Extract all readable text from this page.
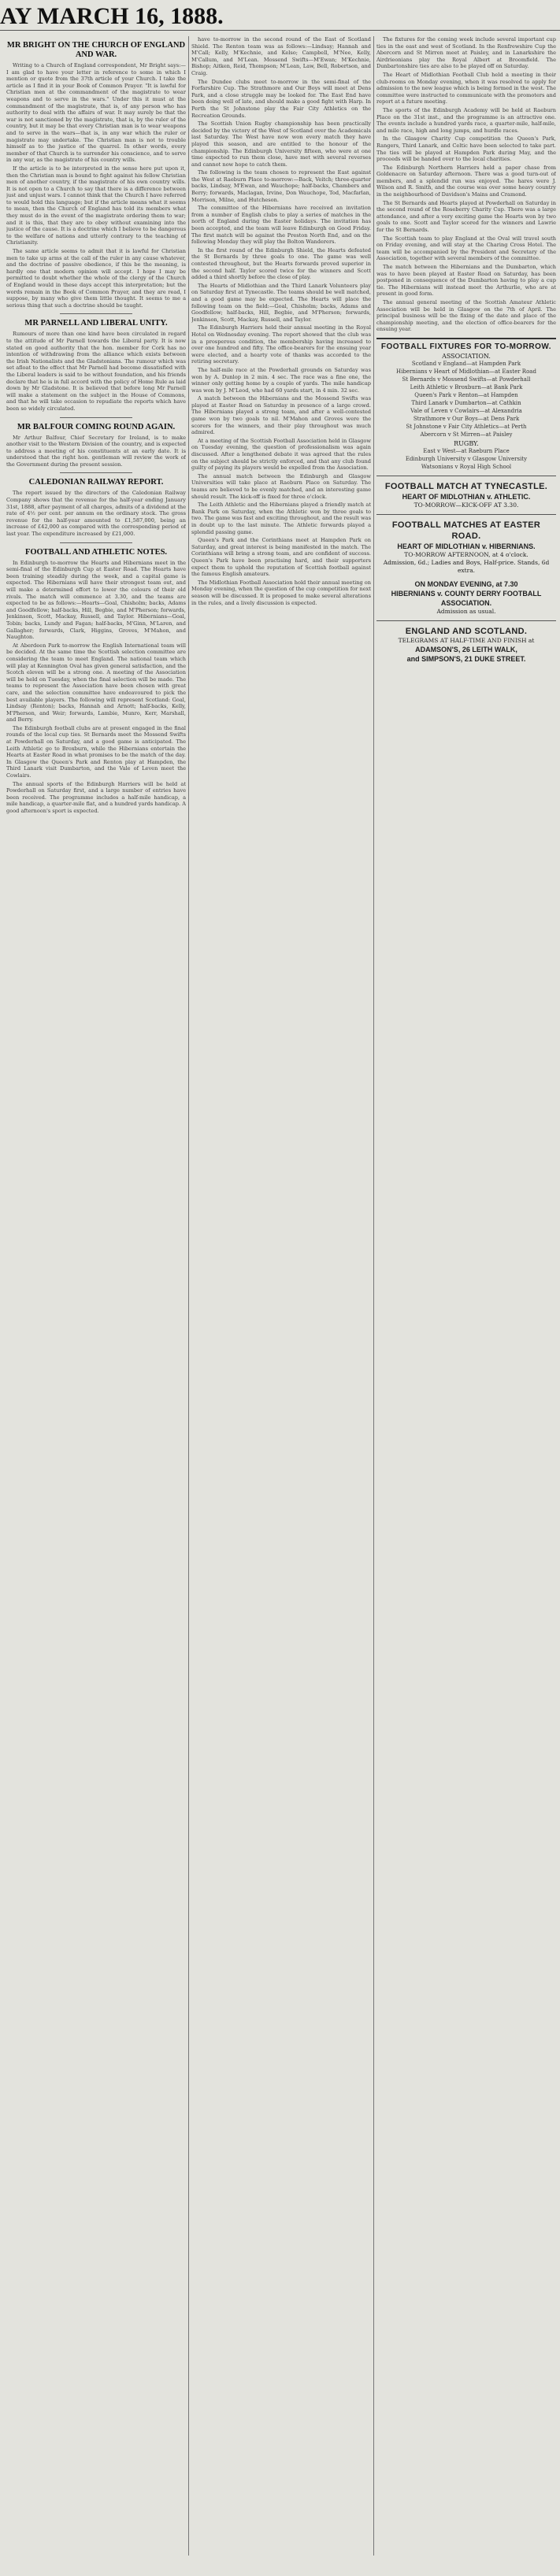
AY MARCH 16, 1888.
MR BRIGHT ON THE CHURCH OF ENGLAND AND WAR.

Writing to a Church of England correspondent, Mr Bright says:—I am glad to have your letter in reference to some in which I mention or quote from the 37th article of your Church. I take the article as I find it in your Book of Common Prayer. "It is lawful for Christian men at the commandment of the magistrate to wear weapons and to serve in the wars." Under this it must at the commandment of the magistrate, that is, of any person who has authority to deal with the affairs of war. It may surely be that the war is not sanctioned by the magistrate, that is, by the ruler of the country, but it may be that every Christian man is to wear weapons and to serve in the wars—that is, in any war which the ruler or magistrate may undertake. The Christian man is not to trouble himself as to the justice of the quarrel. In other words, every member of that Church is to surrender his conscience, and to serve in any war, as the magistrate of his country wills.

If the article is to be interpreted in the sense here put upon it, then the Christian man is bound to fight against his fellow Christian men of another country, if the magistrate of his own country wills. It is not open to a Church to say that there is a difference between just and unjust wars. I cannot think that the Church I have referred to would hold this language; but if the article means what it seems to mean, then the Church of England has told its members what they must do in the event of the magistrate ordering them to war; and it is this, that they are to obey without examining into the justice of the cause. It is a doctrine which I believe to be dangerous to the welfare of nations and utterly contrary to the teaching of Christianity.

The same article seems to admit that it is lawful for Christian men to take up arms at the call of the ruler in any cause whatever, and the doctrine of passive obedience, if this be the meaning, is hardly one that modern opinion will accept. I hope I may be permitted to doubt whether the whole of the clergy of the Church of England would in these days accept this interpretation; but the words remain in the Book of Common Prayer, and they are read, I suppose, by many who give them little thought. It seems to me a serious thing that such a doctrine should be taught.

MR PARNELL AND LIBERAL UNITY.

Rumours of more than one kind have been circulated in regard to the attitude of Mr Parnell towards the Liberal party. It is now stated on good authority that the hon. member for Cork has no intention of withdrawing from the alliance which exists between the Irish Nationalists and the Gladstonians. The rumour which was set afloat to the effect that Mr Parnell had become dissatisfied with the Liberal leaders is said to be without foundation, and his friends declare that he is in full accord with the policy of Home Rule as laid down by Mr Gladstone. It is believed that before long Mr Parnell will make a statement on the subject in the House of Commons, and that he will take occasion to repudiate the reports which have been so widely circulated.

MR BALFOUR COMING ROUND AGAIN.

Mr Arthur Balfour, Chief Secretary for Ireland, is to make another visit to the Western Division of the country, and is expected to address a meeting of his constituents at an early date. It is understood that the right hon. gentleman will review the work of the Government during the present session.

CALEDONIAN RAILWAY REPORT.

The report issued by the directors of the Caledonian Railway Company shows that the revenue for the half-year ending January 31st, 1888, after payment of all charges, admits of a dividend at the rate of 4½ per cent. per annum on the ordinary stock. The gross revenue for the half-year amounted to £1,587,000, being an increase of £42,000 as compared with the corresponding period of last year. The expenditure increased by £21,000.

FOOTBALL AND ATHLETIC NOTES.

In Edinburgh to-morrow the Hearts and Hibernians meet in the semi-final of the Edinburgh Cup at Easter Road. The Hearts have been training steadily during the week, and a capital game is expected. The Hibernians will have their strongest team out, and will make a determined effort to lower the colours of their old rivals. The match will commence at 3.30, and the teams are expected to be as follows:—Hearts—Goal, Chisholm; backs, Adams and Goodfellow; half-backs, Hill, Begbie, and M'Pherson; forwards, Jenkinson, Scott, Mackay, Russell, and Taylor. Hibernians—Goal, Tobin; backs, Lundy and Fagan; half-backs, M'Ginn, M'Laren, and Gallagher; forwards, Clark, Higgins, Groves, M'Mahon, and Naughton.

At Aberdeen Park to-morrow the English International team will be decided. At the same time the Scottish selection committee are considering the team to meet England. The national team which will play at Kennington Oval has given general satisfaction, and the Scotch eleven will be a strong one. A meeting of the Association will be held on Tuesday, when the final selection will be made. The teams to represent the Association have been chosen with great care, and the selection committee have endeavoured to pick the best available players. The following will represent Scotland: Goal, Lindsay (Renton); backs, Hannah and Arnott; half-backs, Kelly, M'Pherson, and Weir; forwards, Lambie, Munro, Kerr, Marshall, and Berry.

The Edinburgh football clubs are at present engaged in the final rounds of the local cup ties. St Bernards meet the Mossend Swifts at Powderhall on Saturday, and a good game is anticipated. The Leith Athletic go to Broxburn, while the Hibernians entertain the Hearts at Easter Road in what promises to be the match of the day. In Glasgow the Queen's Park and Renton play at Hampden, the Third Lanark visit Dumbarton, and the Vale of Leven meet the Cowlairs.

The annual sports of the Edinburgh Harriers will be held at Powderhall on Saturday first, and a large number of entries have been received. The programme includes a half-mile handicap, a mile handicap, a quarter-mile flat, and a hundred yards handicap. A good afternoon's sport is expected.

have to-morrow in the second round of the East of Scotland Shield. The Renton team was as follows:—Lindsay; Hannah and M'Call; Kelly, M'Kechnie, and Kelso; Campbell, M'Nee, Kelly, M'Callum, and M'Lean. Mossend Swifts—M'Ewan; M'Kechnie, Bishop; Aitken, Reid, Thompson; M'Lean, Law, Bell, Robertson, and Craig.

The Dundee clubs meet to-morrow in the semi-final of the Forfarshire Cup. The Strathmore and Our Boys will meet at Dens Park, and a close struggle may be looked for. The East End have been doing well of late, and should make a good fight with Harp. In Perth the St Johnstone play the Fair City Athletics on the Recreation Grounds.

The Scottish Union Rugby championship has been practically decided by the victory of the West of Scotland over the Academicals last Saturday. The West have now won every match they have played this season, and are entitled to the honour of the championship. The Edinburgh University fifteen, who were at one time expected to run them close, have met with several reverses and cannot now hope to catch them.

The following is the team chosen to represent the East against the West at Raeburn Place to-morrow:—Back, Veitch; three-quarter backs, Lindsay, M'Ewan, and Wauchope; half-backs, Chambers and Berry; forwards, Maclagan, Irvine, Don Wauchope, Tod, Macfarlan, Morrison, Milne, and Hutcheson.

The committee of the Hibernians have received an invitation from a number of English clubs to play a series of matches in the north of England during the Easter holidays. The invitation has been accepted, and the team will leave Edinburgh on Good Friday. The first match will be against the Preston North End, and on the following Monday they will play the Bolton Wanderers.

In the first round of the Edinburgh Shield, the Hearts defeated the St Bernards by three goals to one. The game was well contested throughout, but the Hearts forwards proved superior in the second half. Taylor scored twice for the winners and Scott added a third shortly before the close of play.

The Hearts of Midlothian and the Third Lanark Volunteers play on Saturday first at Tynecastle. The teams should be well matched, and a good game may be expected. The Hearts will place the following team on the field:—Goal, Chisholm; backs, Adams and Goodfellow; half-backs, Hill, Begbie, and M'Pherson; forwards, Jenkinson, Scott, Mackay, Russell, and Taylor.

The Edinburgh Harriers held their annual meeting in the Royal Hotel on Wednesday evening. The report showed that the club was in a prosperous condition, the membership having increased to over one hundred and fifty. The office-bearers for the ensuing year were elected, and a hearty vote of thanks was accorded to the retiring secretary.

The half-mile race at the Powderhall grounds on Saturday was won by A. Dunlop in 2 min. 4 sec. The race was a fine one, the winner only getting home by a couple of yards. The mile handicap was won by J. M'Leod, who had 60 yards start, in 4 min. 32 sec.

A match between the Hibernians and the Mossend Swifts was played at Easter Road on Saturday in presence of a large crowd. The Hibernians played a strong team, and after a well-contested game won by two goals to nil. M'Mahon and Groves were the scorers for the winners, and their play throughout was much admired.

At a meeting of the Scottish Football Association held in Glasgow on Tuesday evening, the question of professionalism was again discussed. After a lengthened debate it was agreed that the rules on the subject should be strictly enforced, and that any club found guilty of paying its players would be expelled from the Association.

The annual match between the Edinburgh and Glasgow Universities will take place at Raeburn Place on Saturday. The teams are believed to be evenly matched, and an interesting game should result. The kick-off is fixed for three o'clock.

The Leith Athletic and the Hibernians played a friendly match at Bank Park on Saturday, when the Athletic won by three goals to two. The game was fast and exciting throughout, and the result was in doubt up to the last minute. The Athletic forwards played a splendid passing game.

Queen's Park and the Corinthians meet at Hampden Park on Saturday, and great interest is being manifested in the match. The Corinthians will bring a strong team, and are confident of success. Queen's Park have been practising hard, and their supporters expect them to uphold the reputation of Scottish football against the famous English amateurs.

The Midlothian Football Association hold their annual meeting on Monday evening, when the question of the cup competition for next season will be discussed. It is proposed to make several alterations in the rules, and a lively discussion is expected.

The fixtures for the coming week include several important cup ties in the east and west of Scotland. In the Renfrewshire Cup the Abercorn and St Mirren meet at Paisley, and in Lanarkshire the Airdrieonians play the Royal Albert at Broomfield. The Dunbartonshire ties are also to be played off on Saturday.

The Heart of Midlothian Football Club held a meeting in their club-rooms on Monday evening, when it was resolved to apply for admission to the new league which is being formed in the west. The committee were instructed to communicate with the promoters and report at a future meeting.

The sports of the Edinburgh Academy will be held at Raeburn Place on the 31st inst., and the programme is an attractive one. The events include a hundred yards race, a quarter-mile, half-mile, and mile race, high and long jumps, and hurdle races.

In the Glasgow Charity Cup competition the Queen's Park, Rangers, Third Lanark, and Celtic have been selected to take part. The ties will be played at Hampden Park during May, and the proceeds will be handed over to the local charities.

The Edinburgh Northern Harriers held a paper chase from Goldenacre on Saturday afternoon. There was a good turn-out of members, and a splendid run was enjoyed. The hares were J. Wilson and R. Smith, and the course was over some heavy country in the neighbourhood of Davidson's Mains and Cramond.

The St Bernards and Hearts played at Powderhall on Saturday in the second round of the Roseberry Charity Cup. There was a large attendance, and after a very exciting game the Hearts won by two goals to one. Scott and Taylor scored for the winners and Lawrie for the St Bernards.

The Scottish team to play England at the Oval will travel south on Friday evening, and will stay at the Charing Cross Hotel. The team will be accompanied by the President and Secretary of the Association, together with several members of the committee.

The match between the Hibernians and the Dumbarton, which was to have been played at Easter Road on Saturday, has been postponed in consequence of the Dumbarton having to play a cup tie. The Hibernians will instead meet the Arthurlie, who are at present in good form.

The annual general meeting of the Scottish Amateur Athletic Association will be held in Glasgow on the 7th of April. The principal business will be the fixing of the date and place of the championship meeting, and the election of office-bearers for the ensuing year.

FOOTBALL FIXTURES FOR TO-MORROW.
ASSOCIATION.
Scotland v England—at Hampden Park
Hibernians v Heart of Midlothian—at Easter Road
St Bernards v Mossend Swifts—at Powderhall
Leith Athletic v Broxburn—at Bank Park
Queen's Park v Renton—at Hampden
Third Lanark v Dumbarton—at Cathkin
Vale of Leven v Cowlairs—at Alexandria
Strathmore v Our Boys—at Dens Park
St Johnstone v Fair City Athletics—at Perth
Abercorn v St Mirren—at Paisley
RUGBY.
East v West—at Raeburn Place
Edinburgh University v Glasgow University
Watsonians v Royal High School
FOOTBALL MATCH AT TYNECASTLE.
HEART OF MIDLOTHIAN v. ATHLETIC.
TO-MORROW—KICK-OFF AT 3.30.
FOOTBALL MATCHES AT EASTER ROAD.
HEART OF MIDLOTHIAN v. HIBERNIANS.
TO-MORROW AFTERNOON, at 4 o'clock.
Admission, 6d.; Ladies and Boys, Half-price. Stands, 6d extra.
ON MONDAY EVENING, at 7.30
HIBERNIANS v. COUNTY DERRY FOOTBALL
ASSOCIATION.
Admission as usual.
ENGLAND AND SCOTLAND.
TELEGRAMS AT HALF-TIME AND FINISH at
ADAMSON'S, 26 LEITH WALK,
and SIMPSON'S, 21 DUKE STREET.
